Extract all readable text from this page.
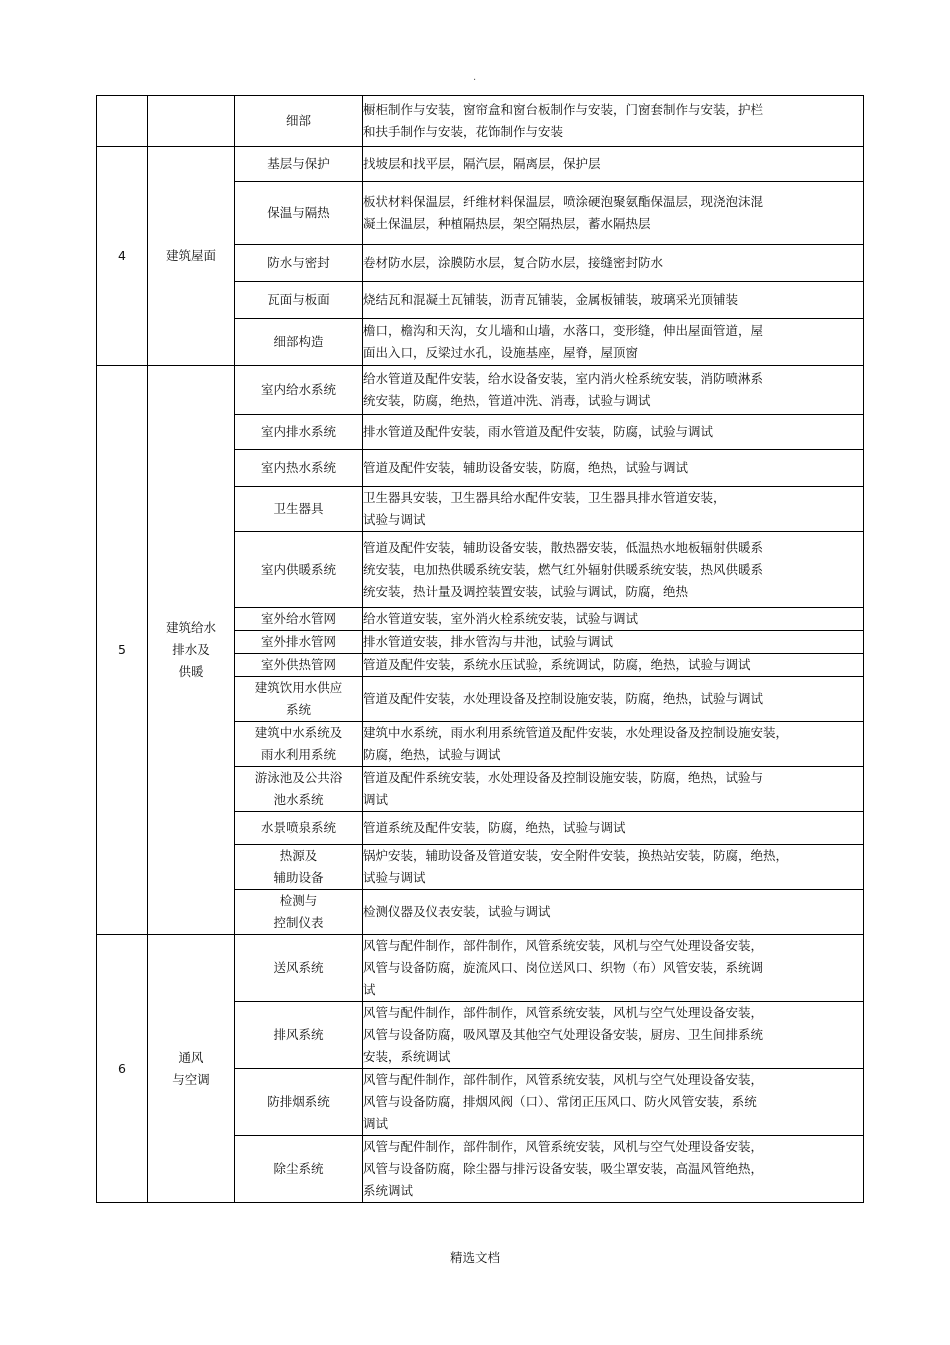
.
		细部	橱柜制作与安装，窗帘盒和窗台板制作与安装，门窗套制作与安装，护栏
和扶手制作与安装，花饰制作与安装
4	建筑屋面	基层与保护	找坡层和找平层，隔汽层，隔离层，保护层
		保温与隔热	板状材料保温层，纤维材料保温层，喷涂硬泡聚氨酯保温层，现浇泡沫混
凝土保温层，种植隔热层，架空隔热层，蓄水隔热层
		防水与密封	卷材防水层，涂膜防水层，复合防水层，接缝密封防水
		瓦面与板面	烧结瓦和混凝土瓦铺装，沥青瓦铺装，金属板铺装，玻璃采光顶铺装
		细部构造	檐口，檐沟和天沟，女儿墙和山墙，水落口，变形缝，伸出屋面管道，屋
面出入口，反梁过水孔，设施基座，屋脊，屋顶窗
5	建筑给水
排水及
供暖	室内给水系统	给水管道及配件安装，给水设备安装，室内消火栓系统安装，消防喷淋系
统安装，防腐，绝热，管道冲洗、消毒，试验与调试
		室内排水系统	排水管道及配件安装，雨水管道及配件安装，防腐，试验与调试
		室内热水系统	管道及配件安装，辅助设备安装，防腐，绝热，试验与调试
		卫生器具	卫生器具安装，卫生器具给水配件安装，卫生器具排水管道安装，
试验与调试
		室内供暖系统	管道及配件安装，辅助设备安装，散热器安装，低温热水地板辐射供暖系
统安装，电加热供暖系统安装，燃气红外辐射供暖系统安装，热风供暖系
统安装，热计量及调控装置安装，试验与调试，防腐，绝热
		室外给水管网	给水管道安装，室外消火栓系统安装，试验与调试
		室外排水管网	排水管道安装，排水管沟与井池，试验与调试
		室外供热管网	管道及配件安装，系统水压试验，系统调试，防腐，绝热，试验与调试
		建筑饮用水供应
系统	管道及配件安装，水处理设备及控制设施安装，防腐，绝热，试验与调试
		建筑中水系统及
雨水利用系统	建筑中水系统，雨水利用系统管道及配件安装，水处理设备及控制设施安装，
防腐，绝热，试验与调试
		游泳池及公共浴
池水系统	管道及配件系统安装，水处理设备及控制设施安装，防腐，绝热，试验与
调试
		水景喷泉系统	管道系统及配件安装，防腐，绝热，试验与调试
		热源及
辅助设备	锅炉安装，辅助设备及管道安装，安全附件安装，换热站安装，防腐，绝热，
试验与调试
		检测与
控制仪表	检测仪器及仪表安装，试验与调试
6	通风
与空调	送风系统	风管与配件制作，部件制作，风管系统安装，风机与空气处理设备安装，
风管与设备防腐，旋流风口、岗位送风口、织物（布）风管安装，系统调
试
		排风系统	风管与配件制作，部件制作，风管系统安装，风机与空气处理设备安装，
风管与设备防腐，吸风罩及其他空气处理设备安装，厨房、卫生间排系统
安装，系统调试
		防排烟系统	风管与配件制作，部件制作，风管系统安装，风机与空气处理设备安装，
风管与设备防腐，排烟风阀（口）、常闭正压风口、防火风管安装，系统
调试
		除尘系统	风管与配件制作，部件制作，风管系统安装，风机与空气处理设备安装，
风管与设备防腐，除尘器与排污设备安装，吸尘罩安装，高温风管绝热，
系统调试
精选文档
